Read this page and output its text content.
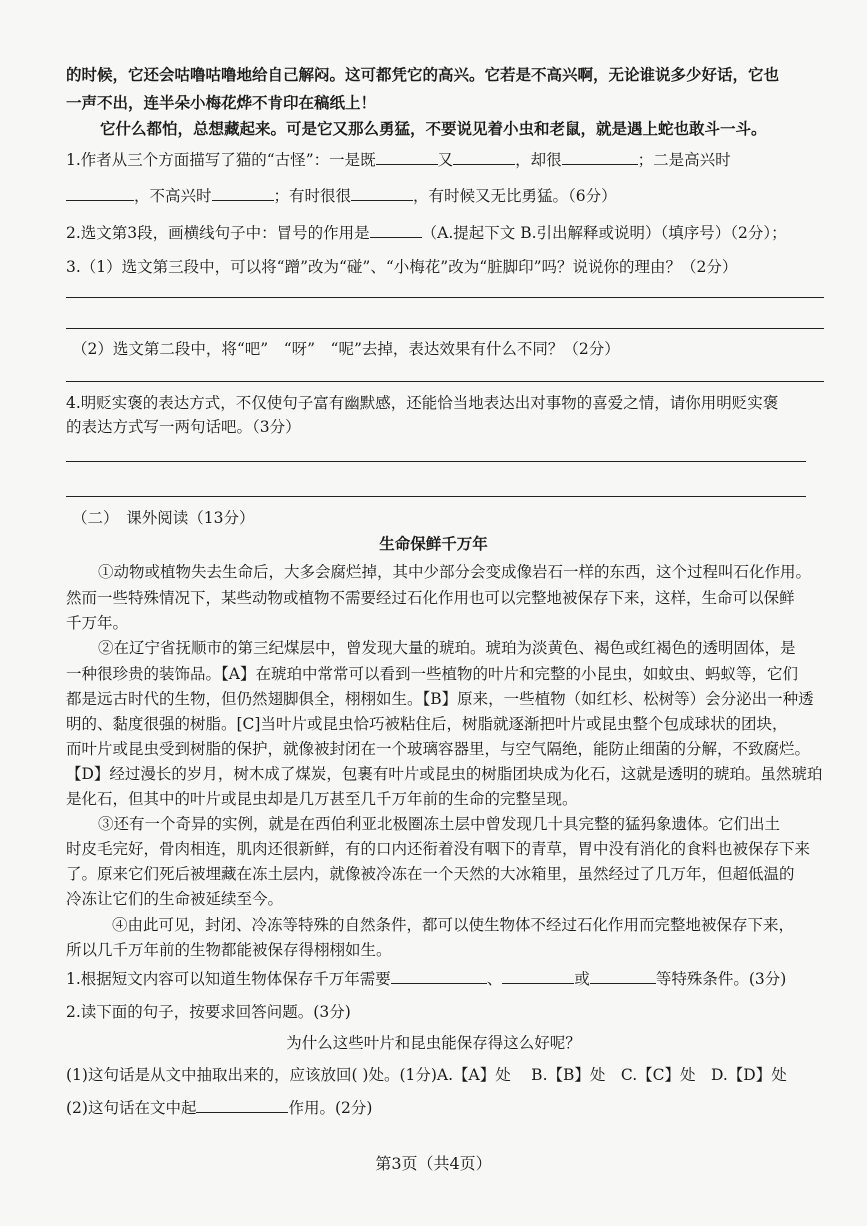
的时候，它还会咕噜咕噜地给自己解闷。这可都凭它的高兴。它若是不高兴啊，无论谁说多少好话，它也
一声不出，连半朵小梅花烨不肯印在稿纸上！
它什么都怕，总想藏起来。可是它又那么勇猛，不要说见着小虫和老鼠，就是遇上蛇也敢斗一斗。
1.作者从三个方面描写了猫的“古怪”：一是既	又	，却很	；二是高兴时
，不高兴时	；有时很很	，有时候又无比勇猛。（6分）
2.选文第3段，画横线句子中：冒号的作用是	（A.提起下文 B.引出解释或说明）（填序号）（2分）；
3.（1）选文第三段中，可以将“蹭”改为“碰”、“小梅花”改为“脏脚印”吗？说说你的理由？（2分）
（2）选文第二段中，将“吧”　“呀”　“呢”去掉，表达效果有什么不同？（2分）
4.明贬实褒的表达方式，不仅使句子富有幽默感，还能恰当地表达出对事物的喜爱之情，请你用明贬实褒
的表达方式写一两句话吧。（3分）
（二）　课外阅读（13分）
生命保鲜千万年
①动物或植物失去生命后，大多会腐烂掉，其中少部分会变成像岩石一样的东西，这个过程叫石化作用。
然而一些特殊情况下，某些动物或植物不需要经过石化作用也可以完整地被保存下来，这样，生命可以保鲜
千万年。
②在辽宁省抚顺市的第三纪煤层中，曾发现大量的琥珀。琥珀为淡黄色、褐色或红褐色的透明固体，是
一种很珍贵的装饰品。【A】在琥珀中常常可以看到一些植物的叶片和完整的小昆虫，如蚊虫、蚂蚁等，它们
都是远古时代的生物，但仍然翅脚俱全，栩栩如生。【B】原来，一些植物（如红杉、松树等）会分泌出一种透
明的、黏度很强的树脂。[C]当叶片或昆虫恰巧被粘住后，树脂就逐渐把叶片或昆虫整个包成球状的团块，
而叶片或昆虫受到树脂的保护，就像被封闭在一个玻璃容器里，与空气隔绝，能防止细菌的分解，不致腐烂。
【D】经过漫长的岁月，树木成了煤炭，包裹有叶片或昆虫的树脂团块成为化石，这就是透明的琥珀。虽然琥珀
是化石，但其中的叶片或昆虫却是几万甚至几千万年前的生命的完整呈现。
③还有一个奇异的实例，就是在西伯利亚北极圈冻土层中曾发现几十具完整的猛犸象遗体。它们出土
时皮毛完好，骨肉相连，肌肉还很新鲜，有的口内还衔着没有咽下的青草，胃中没有消化的食料也被保存下来
了。原来它们死后被埋藏在冻土层内，就像被冷冻在一个天然的大冰箱里，虽然经过了几万年，但超低温的
冷冻让它们的生命被延续至今。
④由此可见，封闭、冷冻等特殊的自然条件，都可以使生物体不经过石化作用而完整地被保存下来，
所以几千万年前的生物都能被保存得栩栩如生。
1.根据短文内容可以知道生物体保存千万年需要	、	或	等特殊条件。(3分)
2.读下面的句子，按要求回答问题。(3分)
为什么这些叶片和昆虫能保存得这么好呢？
(1)这句话是从文中抽取出来的，应该放回( )处。(1分)A.【A】处　 B.【B】处　C.【C】处　D.【D】处
(2)这句话在文中起	作用。(2分)
第3页（共4页）
